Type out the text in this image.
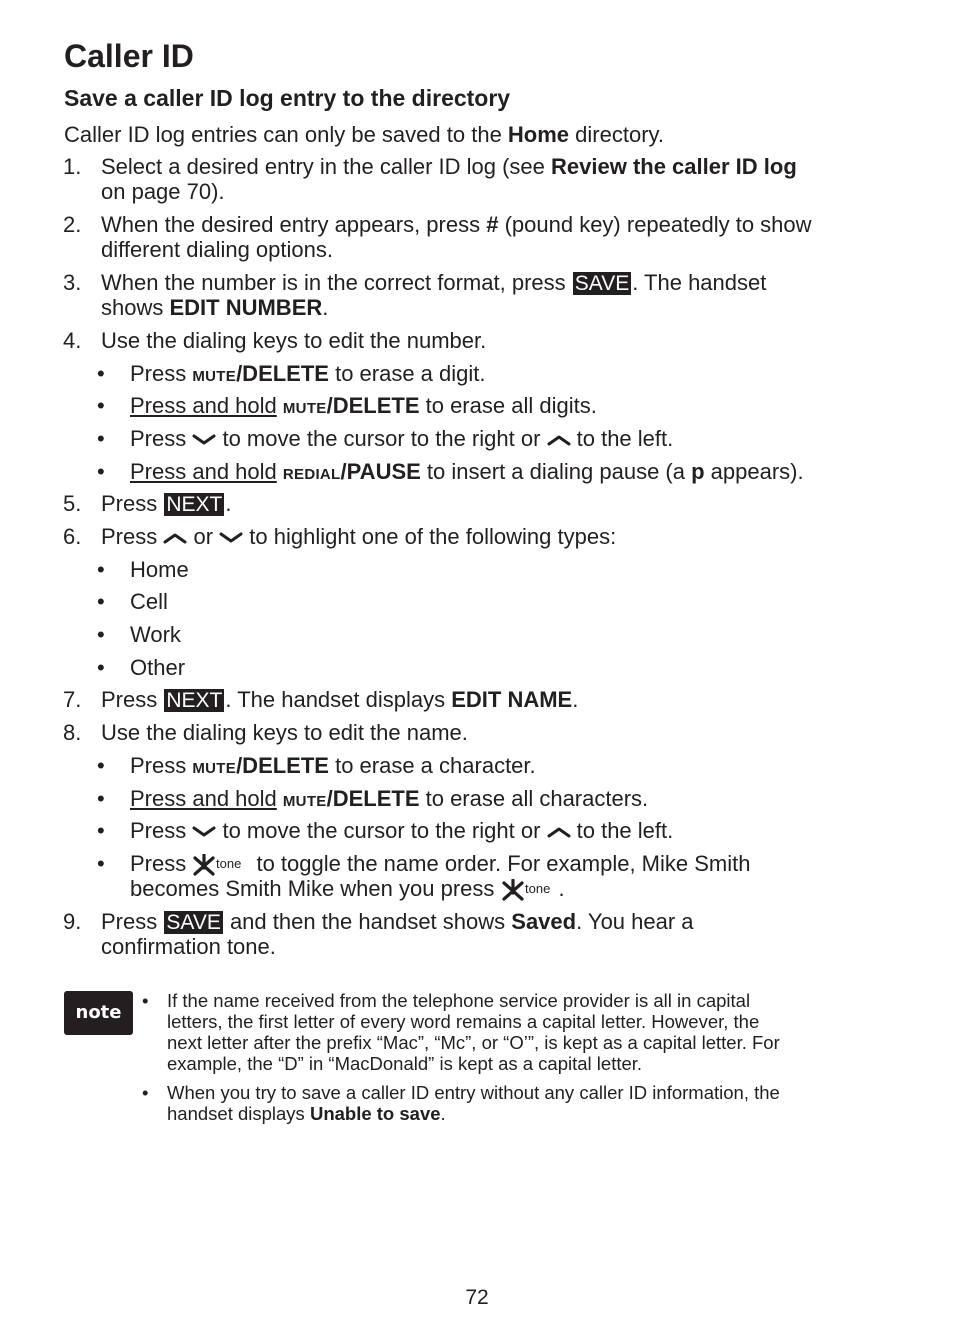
Caller ID
Save a caller ID log entry to the directory
Caller ID log entries can only be saved to the Home directory.
1. Select a desired entry in the caller ID log (see Review the caller ID log
on page 70).
2. When the desired entry appears, press # (pound key) repeatedly to show
different dialing options.
3. When the number is in the correct format, press SAVE . The handset
shows EDIT NUMBER.
4. Use the dialing keys to edit the number.
• Press MUTE/DELETE to erase a digit.
• Press and hold MUTE/DELETE to erase all digits.
• Press  to move the cursor to the right or  to the left.
• Press and hold REDIAL/PAUSE to insert a dialing pause (a p appears).
5. Press NEXT .
6. Press  or  to highlight one of the following types:
• Home
• Cell
• Work
• Other
7. Press NEXT . The handset displays EDIT NAME.
8. Use the dialing keys to edit the name.
• Press MUTE/DELETE to erase a character.
• Press and hold MUTE/DELETE to erase all characters.
• Press  to move the cursor to the right or  to the left.
• Press tone to toggle the name order. For example, Mike Smith
becomes Smith Mike when you press tone .
9. Press SAVE and then the handset shows Saved. You hear a
confirmation tone.
note
• If the name received from the telephone service provider is all in capital
letters, the first letter of every word remains a capital letter. However, the
next letter after the prefix “Mac”, “Mc”, or “O’”, is kept as a capital letter. For
example, the “D” in “MacDonald” is kept as a capital letter.
• When you try to save a caller ID entry without any caller ID information, the
handset displays Unable to save.
72
